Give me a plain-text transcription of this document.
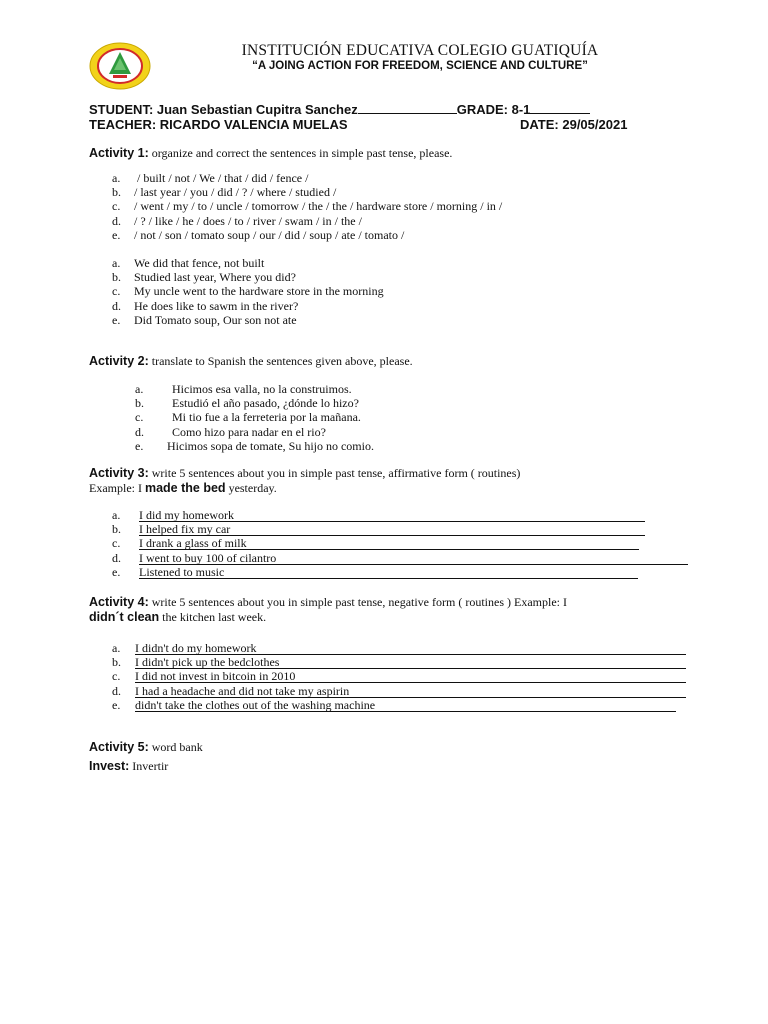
INSTITUCIÓN EDUCATIVA COLEGIO GUATIQUÍA
“A JOING ACTION FOR FREEDOM, SCIENCE AND CULTURE”
STUDENT: Juan Sebastian Cupitra Sanchez	GRADE: 8-1
TEACHER: RICARDO VALENCIA MUELAS	DATE: 29/05/2021
Activity 1: organize and correct the sentences in simple past tense, please.
a. / built / not / We / that / did / fence /
b. / last year / you / did / ? / where / studied /
c. / went / my / to / uncle / tomorrow / the / the / hardware store / morning / in /
d. / ? / like / he / does / to / river / swam / in / the /
e. / not / son / tomato soup / our / did / soup / ate / tomato /
a. We did that fence, not built
b. Studied last year, Where you did?
c. My uncle went to the hardware store in the morning
d. He does like to sawm in the river?
e. Did Tomato soup, Our son not ate
Activity 2: translate to Spanish the sentences given above, please.
a. Hicimos esa valla, no la construimos.
b. Estudió el año pasado, ¿dónde lo hizo?
c. Mi tio fue a la ferreteria por la mañana.
d. Como hizo para nadar en el rio?
e. Hicimos sopa de tomate, Su hijo no comio.
Activity 3: write 5 sentences about you in simple past tense, affirmative form ( routines)
Example: I made the bed yesterday.
a. I did my homework
b. I helped fix my car
c. I drank a glass of milk
d. I went to buy 100 of cilantro
e. Listened to music
Activity 4: write 5 sentences about you in simple past tense, negative form ( routines ) Example: I
didn´t clean the kitchen last week.
a. I didn't do my homework
b. I didn't pick up the bedclothes
c. I did not invest in bitcoin in 2010
d. I had a headache and did not take my aspirin
e. didn't take the clothes out of the washing machine
Activity 5: word bank
Invest: Invertir
